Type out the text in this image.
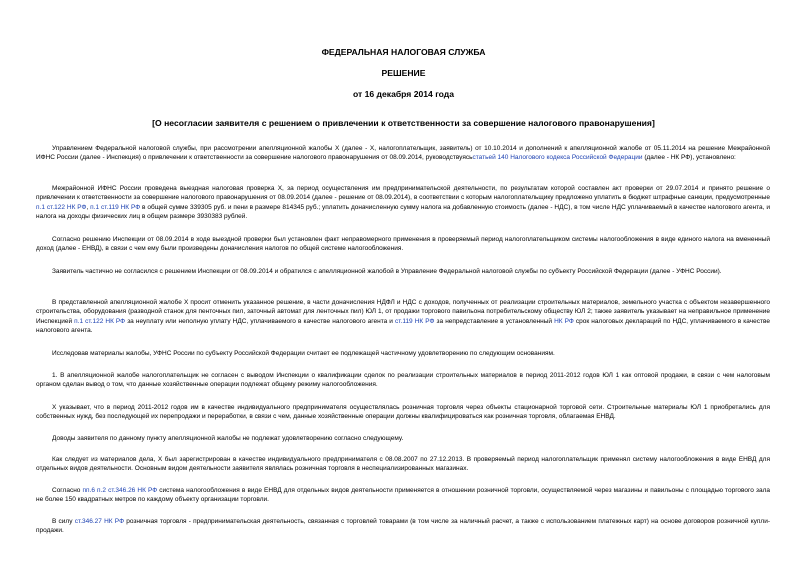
ФЕДЕРАЛЬНАЯ НАЛОГОВАЯ СЛУЖБА
РЕШЕНИЕ
от 16 декабря 2014 года
[О несогласии заявителя с решением о привлечении к ответственности за совершение налогового правонарушения]

Управлением Федеральной налоговой службы, при рассмотрении апелляционной жалобы X (далее - X, налогоплательщик, заявитель) от 10.10.2014 и дополнений к апелляционной жалобе от 05.11.2014 на решение Межрайонной ИФНС России (далее - Инспекция) о привлечении к ответственности за совершение налогового правонарушения от 08.09.2014, руководствуясьстатьей 140 Налогового кодекса Российской Федерации (далее - НК РФ), установлено:

Межрайонной ИФНС России проведена выездная налоговая проверка X, за период осуществления им предпринимательской деятельности, по результатам которой составлен акт проверки от 29.07.2014 и принято решение о привлечении к ответственности за совершение налогового правонарушения от 08.09.2014 (далее - решение от 08.09.2014), в соответствии с которым налогоплательщику предложено уплатить в бюджет штрафные санкции, предусмотренные п.1 ст.122 НК РФ, п.1 ст.119 НК РФ в общей сумме 339305 руб. и пени в размере 814345 руб.; уплатить доначисленную сумму налога на добавленную стоимость (далее - НДС), в том числе НДС уплачиваемый в качестве налогового агента, и налога на доходы физических лиц в общем размере 3930383 рублей.

Согласно решению Инспекции от 08.09.2014 в ходе выездной проверки был установлен факт неправомерного применения в проверяемый период налогоплательщиком системы налогообложения в виде единого налога на вмененный доход (далее - ЕНВД), в связи с чем ему были произведены доначисления налогов по общей системе налогообложения.

Заявитель частично не согласился с решением Инспекции от 08.09.2014 и обратился с апелляционной жалобой в Управление Федеральной налоговой службы по субъекту Российской Федерации (далее - УФНС России).

В представленной апелляционной жалобе X просит отменить указанное решение, в части доначисления НДФЛ и НДС с доходов, полученных от реализации строительных материалов, земельного участка с объектом незавершенного строительства, оборудования (разводной станок для пенточных пил, заточный автомат для ленточных пил) ЮЛ 1, от продажи торгового павильона потребительскому обществу ЮЛ 2; также заявитель указывает на неправильное применение Инспекцией п.1 ст.122 НК РФ за неуплату или неполную уплату НДС, уплачиваемого в качестве налогового агента и ст.119 НК РФ за непредставление в установленный НК РФ срок налоговых деклараций по НДС, уплачиваемого в качестве налогового агента.

Исследовав материалы жалобы, УФНС России по субъекту Российской Федерации считает ее подлежащей частичному удовлетворению по следующим основаниям.

1. В апелляционной жалобе налогоплательщик не согласен с выводом Инспекции о квалификации сделок по реализации строительных материалов в период 2011-2012 годов ЮЛ 1 как оптовой продажи, в связи с чем налоговым органом сделан вывод о том, что данные хозяйственные операции подлежат общему режиму налогообложения.

X указывает, что в период 2011-2012 годов им в качестве индивидуального предпринимателя осуществлялась розничная торговля через объекты стационарной торговой сети. Строительные материалы ЮЛ 1 приобретались для собственных нужд, без последующей их перепродажи и переработки, в связи с чем, данные хозяйственные операции должны квалифицироваться как розничная торговля, облагаемая ЕНВД.

Доводы заявителя по данному пункту апелляционной жалобы не подлежат удовлетворению согласно следующему.

Как следует из материалов дела, X был зарегистрирован в качестве индивидуального предпринимателя с 08.08.2007 по 27.12.2013. В проверяемый период налогоплательщик применял систему налогообложения в виде ЕНВД для отдельных видов деятельности. Основным видом деятельности заявителя являлась розничная торговля в неспециализированных магазинах.

Согласно пп.6 п.2 ст.346.26 НК РФ система налогообложения в виде ЕНВД для отдельных видов деятельности применяется в отношении розничной торговли, осуществляемой через магазины и павильоны с площадью торгового зала не более 150 квадратных метров по каждому объекту организации торговли.

В силу ст.346.27 НК РФ розничная торговля - предпринимательская деятельность, связанная с торговлей товарами (в том числе за наличный расчет, а также с использованием платежных карт) на основе договоров розничной купли-продажи.
